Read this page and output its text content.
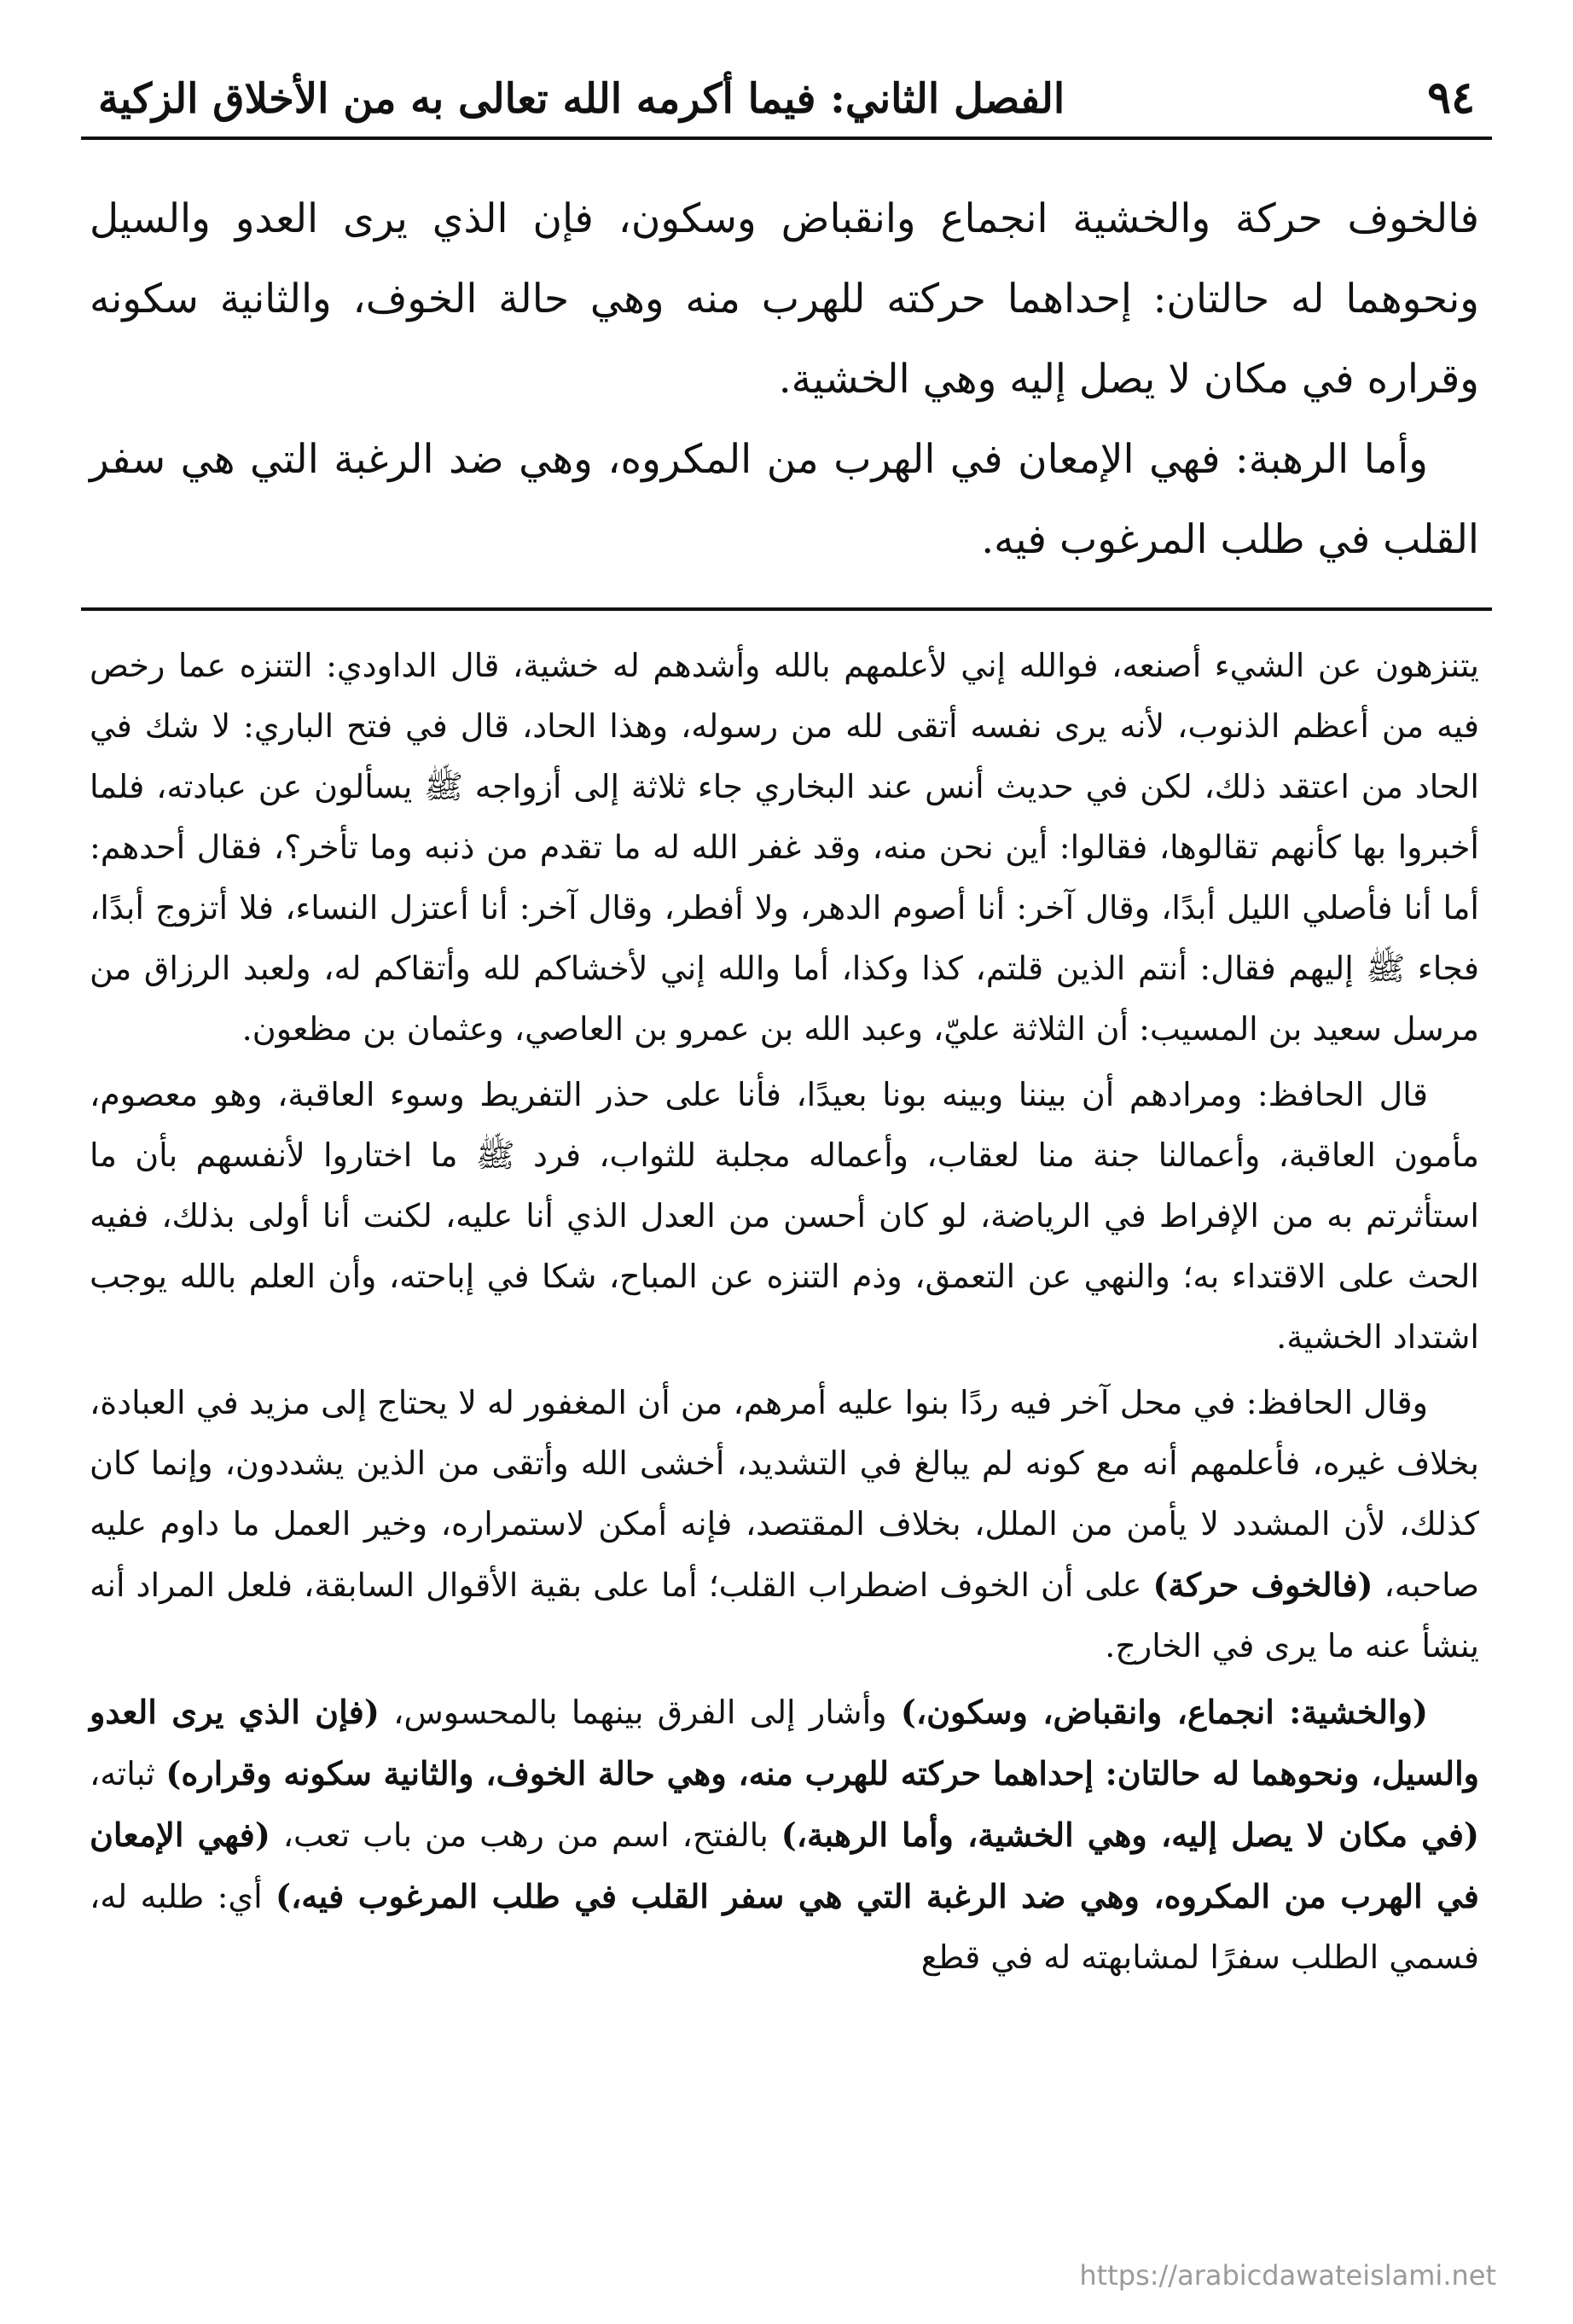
٩٤
الفصل الثاني: فيما أكرمه الله تعالى به من الأخلاق الزكية

فالخوف حركة والخشية انجماع وانقباض وسكون، فإن الذي يرى العدو والسيل ونحوهما له حالتان: إحداهما حركته للهرب منه وهي حالة الخوف، والثانية سكونه وقراره في مكان لا يصل إليه وهي الخشية.

وأما الرهبة: فهي الإمعان في الهرب من المكروه، وهي ضد الرغبة التي هي سفر القلب في طلب المرغوب فيه.

يتنزهون عن الشيء أصنعه، فوالله إني لأعلمهم بالله وأشدهم له خشية، قال الداودي: التنزه عما رخص فيه من أعظم الذنوب، لأنه يرى نفسه أتقى لله من رسوله، وهذا الحاد، قال في فتح الباري: لا شك في الحاد من اعتقد ذلك، لكن في حديث أنس عند البخاري جاء ثلاثة إلى أزواجه ﷺ يسألون عن عبادته، فلما أخبروا بها كأنهم تقالوها، فقالوا: أين نحن منه، وقد غفر الله له ما تقدم من ذنبه وما تأخر؟، فقال أحدهم: أما أنا فأصلي الليل أبدًا، وقال آخر: أنا أصوم الدهر، ولا أفطر، وقال آخر: أنا أعتزل النساء، فلا أتزوج أبدًا، فجاء ﷺ إليهم فقال: أنتم الذين قلتم، كذا وكذا، أما والله إني لأخشاكم لله وأتقاكم له، ولعبد الرزاق من مرسل سعيد بن المسيب: أن الثلاثة عليّ، وعبد الله بن عمرو بن العاصي، وعثمان بن مظعون.

قال الحافظ: ومرادهم أن بيننا وبينه بونا بعيدًا، فأنا على حذر التفريط وسوء العاقبة، وهو معصوم، مأمون العاقبة، وأعمالنا جنة منا لعقاب، وأعماله مجلبة للثواب، فرد ﷺ ما اختاروا لأنفسهم بأن ما استأثرتم به من الإفراط في الرياضة، لو كان أحسن من العدل الذي أنا عليه، لكنت أنا أولى بذلك، ففيه الحث على الاقتداء به؛ والنهي عن التعمق، وذم التنزه عن المباح، شكا في إباحته، وأن العلم بالله يوجب اشتداد الخشية.

وقال الحافظ: في محل آخر فيه ردًا بنوا عليه أمرهم، من أن المغفور له لا يحتاج إلى مزيد في العبادة، بخلاف غيره، فأعلمهم أنه مع كونه لم يبالغ في التشديد، أخشى الله وأتقى من الذين يشددون، وإنما كان كذلك، لأن المشدد لا يأمن من الملل، بخلاف المقتصد، فإنه أمكن لاستمراره، وخير العمل ما داوم عليه صاحبه، (فالخوف حركة) على أن الخوف اضطراب القلب؛ أما على بقية الأقوال السابقة، فلعل المراد أنه ينشأ عنه ما يرى في الخارج.

(والخشية: انجماع، وانقباض، وسكون،) وأشار إلى الفرق بينهما بالمحسوس، (فإن الذي يرى العدو والسيل، ونحوهما له حالتان: إحداهما حركته للهرب منه، وهي حالة الخوف، والثانية سكونه وقراره) ثباته، (في مكان لا يصل إليه، وهي الخشية، وأما الرهبة،) بالفتح، اسم من رهب من باب تعب، (فهي الإمعان في الهرب من المكروه، وهي ضد الرغبة التي هي سفر القلب في طلب المرغوب فيه،) أي: طلبه له، فسمي الطلب سفرًا لمشابهته له في قطع

https://arabicdawateislami.net
